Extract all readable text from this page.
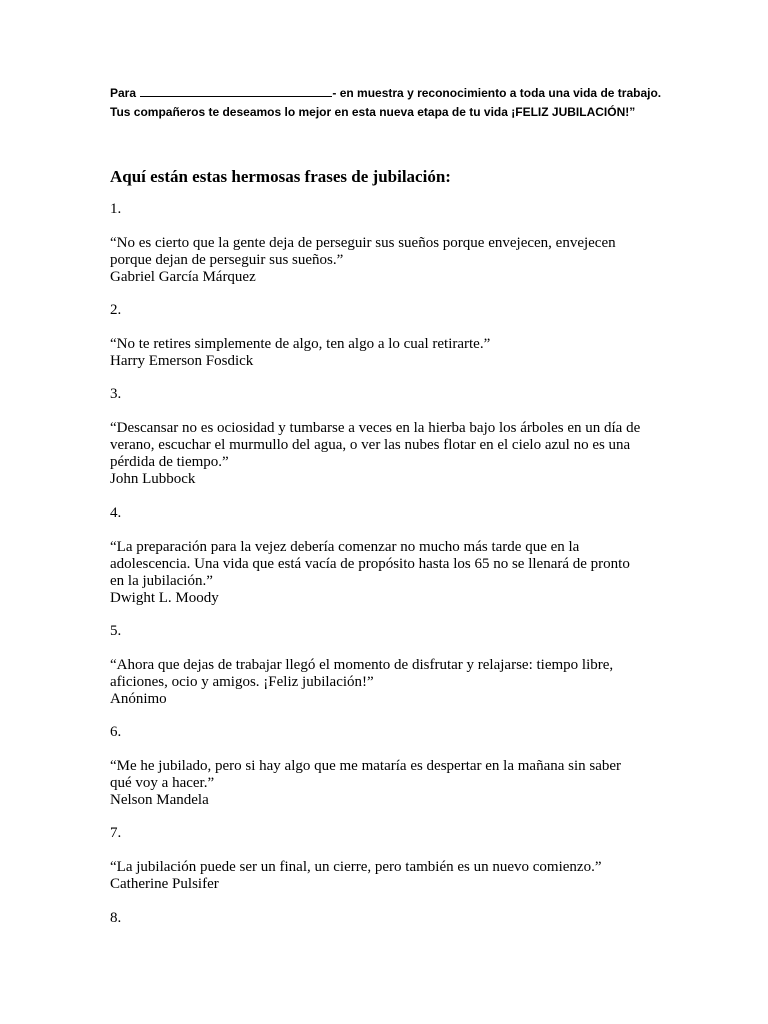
Para	- en muestra y reconocimiento a toda una vida de trabajo.
Tus compañeros te deseamos lo mejor en esta nueva etapa de tu vida ¡FELIZ JUBILACIÓN!”
Aquí están estas hermosas frases de jubilación:
1.
“No es cierto que la gente deja de perseguir sus sueños porque envejecen, envejecen
porque dejan de perseguir sus sueños.”
Gabriel García Márquez
2.
“No te retires simplemente de algo, ten algo a lo cual retirarte.”
Harry Emerson Fosdick
3.
“Descansar no es ociosidad y tumbarse a veces en la hierba bajo los árboles en un día de
verano, escuchar el murmullo del agua, o ver las nubes flotar en el cielo azul no es una
pérdida de tiempo.”
John Lubbock
4.
“La preparación para la vejez debería comenzar no mucho más tarde que en la
adolescencia. Una vida que está vacía de propósito hasta los 65 no se llenará de pronto
en la jubilación.”
Dwight L. Moody
5.
“Ahora que dejas de trabajar llegó el momento de disfrutar y relajarse: tiempo libre,
aficiones, ocio y amigos. ¡Feliz jubilación!”
Anónimo
6.
“Me he jubilado, pero si hay algo que me mataría es despertar en la mañana sin saber
qué voy a hacer.”
Nelson Mandela
7.
“La jubilación puede ser un final, un cierre, pero también es un nuevo comienzo.”
Catherine Pulsifer
8.
